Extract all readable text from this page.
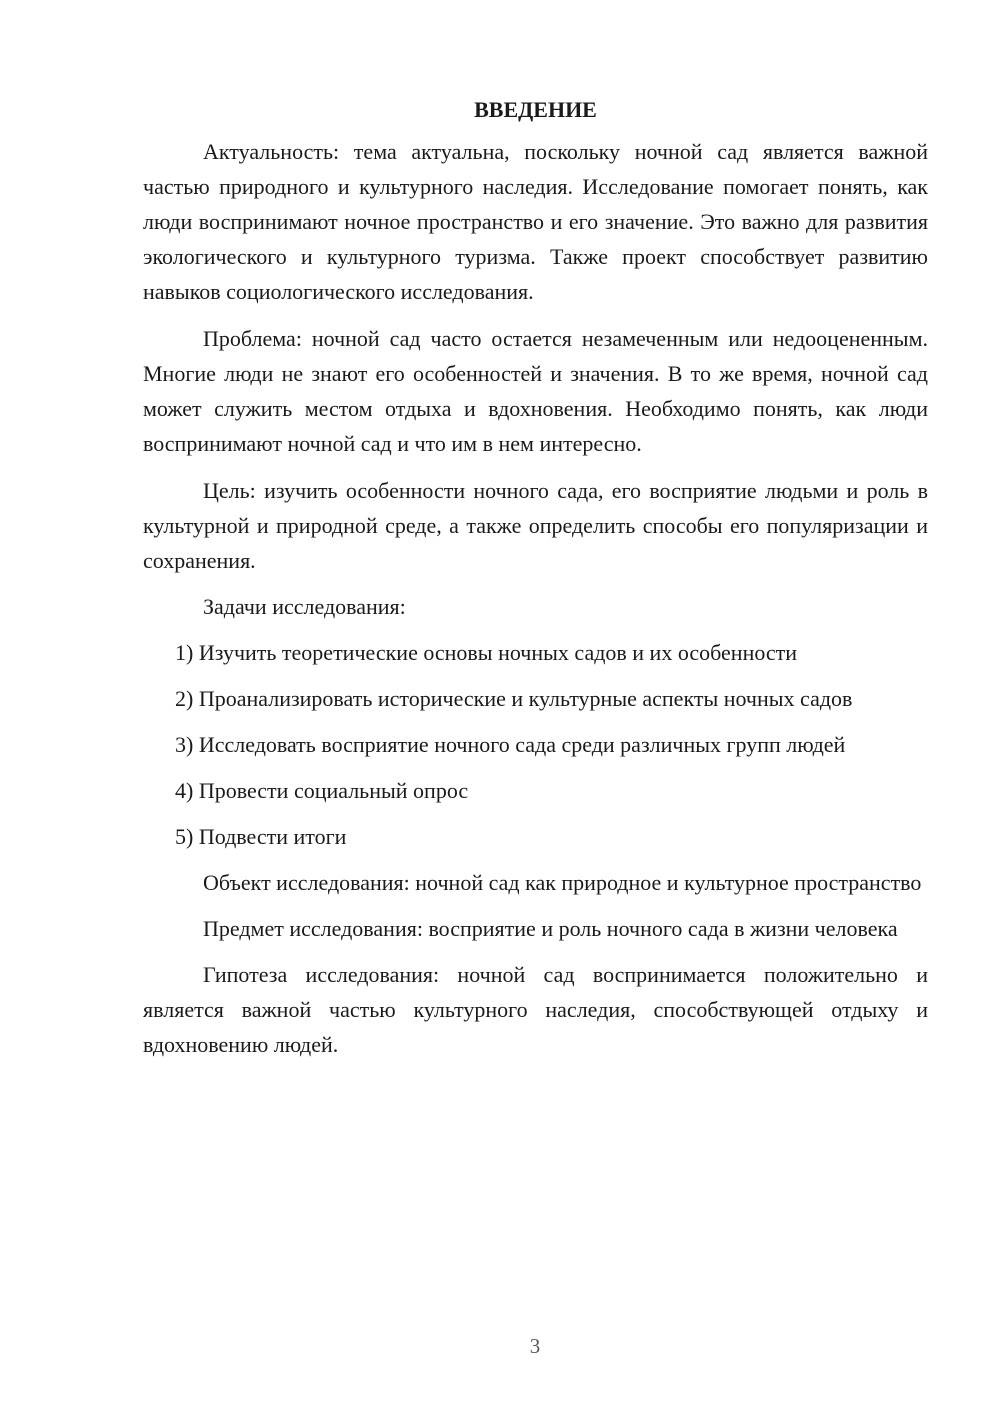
ВВЕДЕНИЕ

Актуальность: тема актуальна, поскольку ночной сад является важной частью природного и культурного наследия. Исследование помогает понять, как люди воспринимают ночное пространство и его значение. Это важно для развития экологического и культурного туризма. Также проект способствует развитию навыков социологического исследования.

Проблема: ночной сад часто остается незамеченным или недооцененным. Многие люди не знают его особенностей и значения. В то же время, ночной сад может служить местом отдыха и вдохновения. Необходимо понять, как люди воспринимают ночной сад и что им в нем интересно.

Цель: изучить особенности ночного сада, его восприятие людьми и роль в культурной и природной среде, а также определить способы его популяризации и сохранения.

Задачи исследования:

1) Изучить теоретические основы ночных садов и их особенности

2) Проанализировать исторические и культурные аспекты ночных садов

3) Исследовать восприятие ночного сада среди различных групп людей

4) Провести социальный опрос

5) Подвести итоги

Объект исследования: ночной сад как природное и культурное пространство

Предмет исследования: восприятие и роль ночного сада в жизни человека

Гипотеза исследования: ночной сад воспринимается положительно и является важной частью культурного наследия, способствующей отдыху и вдохновению людей.

3
